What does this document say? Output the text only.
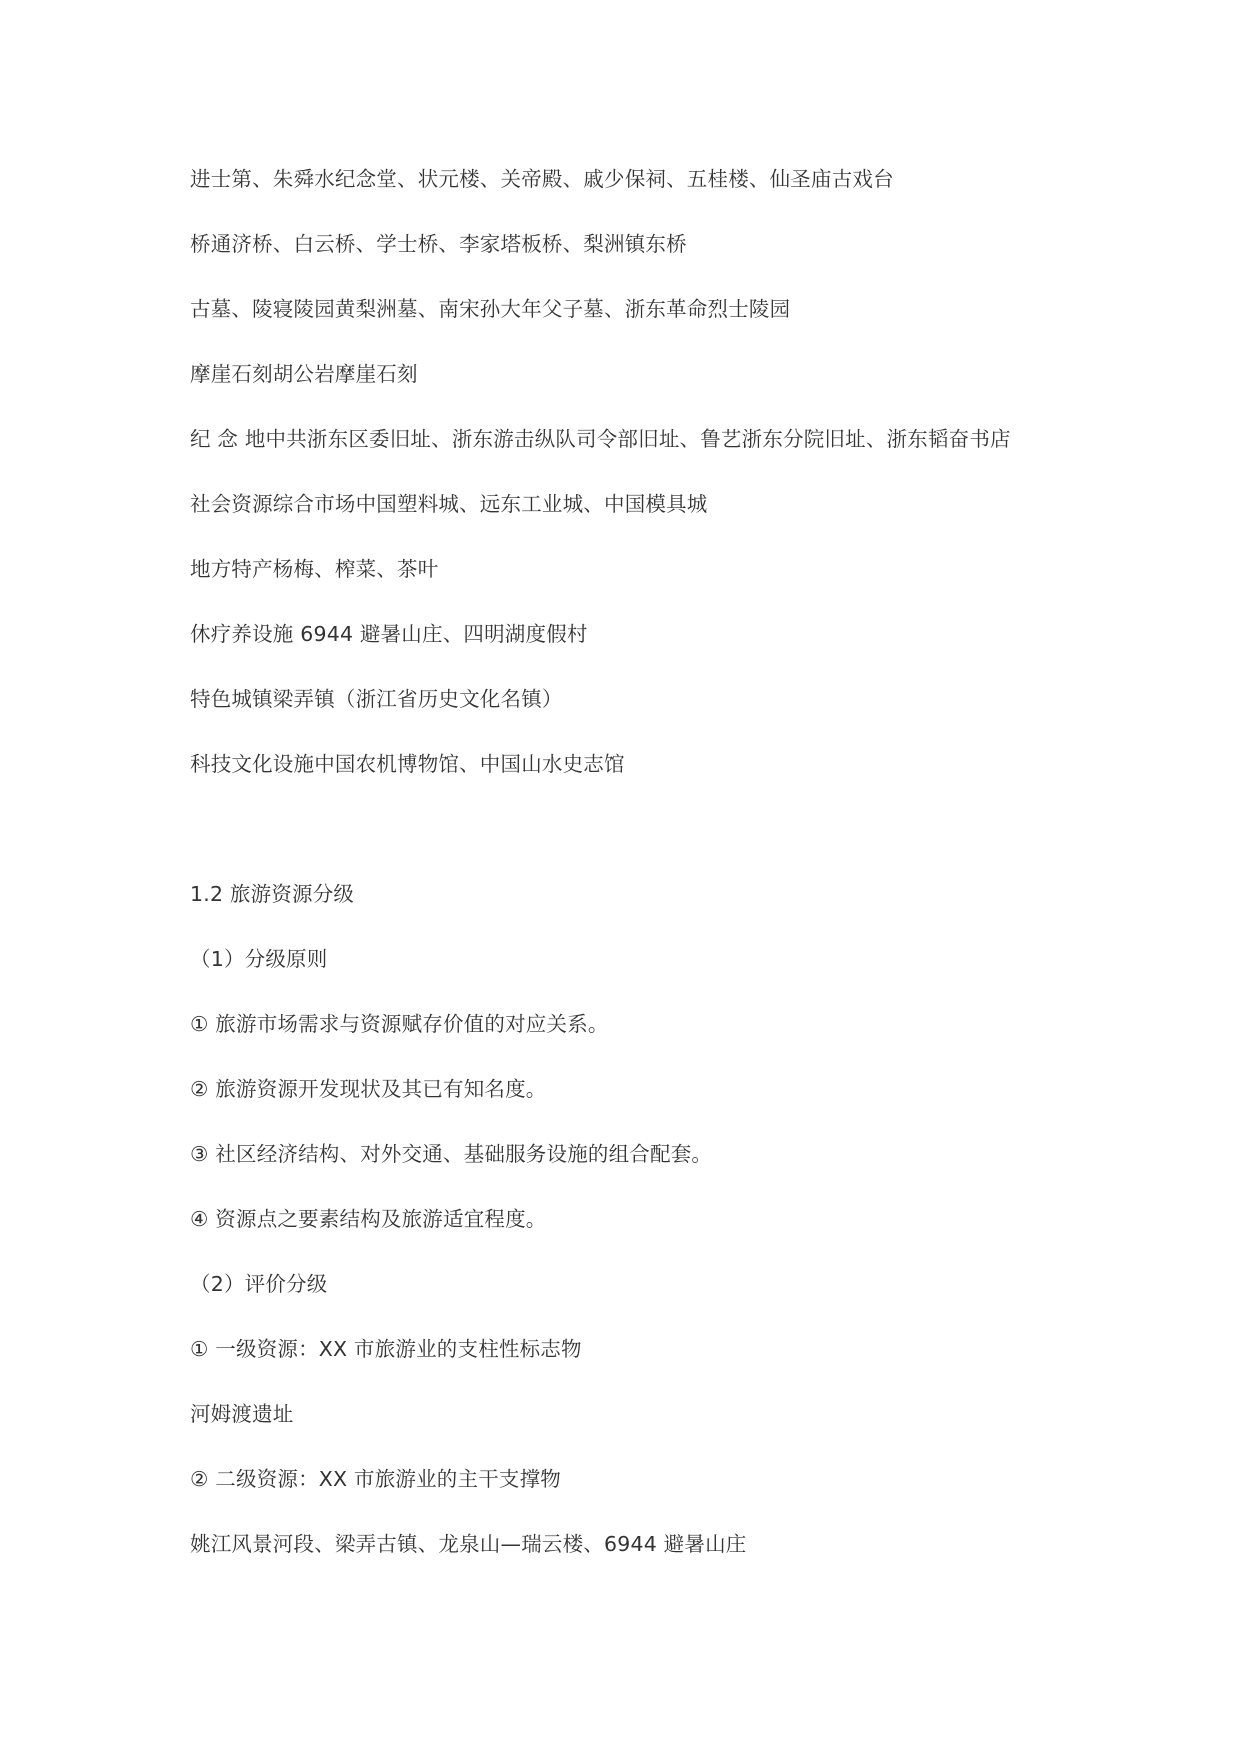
进士第、朱舜水纪念堂、状元楼、关帝殿、戚少保祠、五桂楼、仙圣庙古戏台

桥通济桥、白云桥、学士桥、李家塔板桥、梨洲镇东桥

古墓、陵寝陵园黄梨洲墓、南宋孙大年父子墓、浙东革命烈士陵园

摩崖石刻胡公岩摩崖石刻

纪 念 地中共浙东区委旧址、浙东游击纵队司令部旧址、鲁艺浙东分院旧址、浙东韬奋书店

社会资源综合市场中国塑料城、远东工业城、中国模具城

地方特产杨梅、榨菜、茶叶

休疗养设施 6944 避暑山庄、四明湖度假村

特色城镇梁弄镇（浙江省历史文化名镇）

科技文化设施中国农机博物馆、中国山水史志馆

1.2 旅游资源分级

（1）分级原则

① 旅游市场需求与资源赋存价值的对应关系。

② 旅游资源开发现状及其已有知名度。

③ 社区经济结构、对外交通、基础服务设施的组合配套。

④ 资源点之要素结构及旅游适宜程度。

（2）评价分级

① 一级资源：XX 市旅游业的支柱性标志物

河姆渡遗址

② 二级资源：XX 市旅游业的主干支撑物

姚江风景河段、梁弄古镇、龙泉山—瑞云楼、6944 避暑山庄
